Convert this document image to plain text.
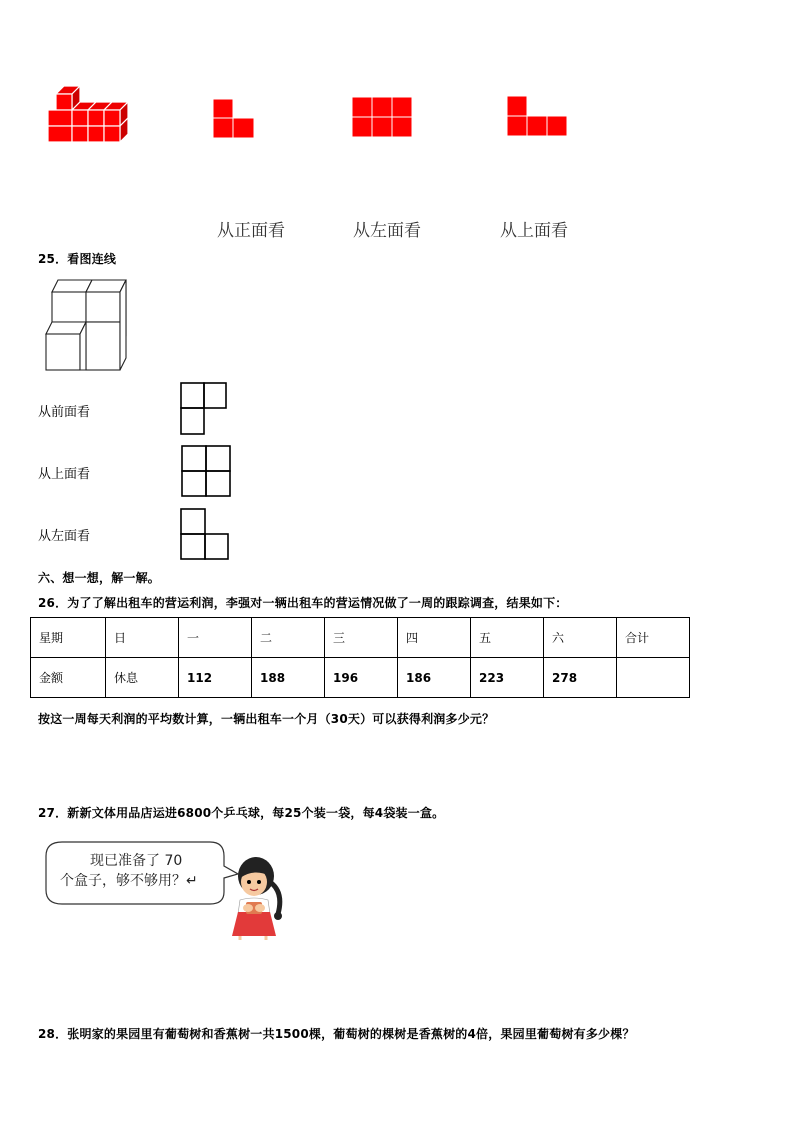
从正面看	从左面看	从上面看
25．看图连线
从前面看
从上面看
从左面看
六、想一想，解一解。
26．为了了解出租车的营运利润，李强对一辆出租车的营运情况做了一周的跟踪调查，结果如下：
星期	日	一	二	三	四	五	六	合计
金额	休息	112	188	196	186	223	278	
按这一周每天利润的平均数计算，一辆出租车一个月（30天）可以获得利润多少元？
27．新新文体用品店运进6800个乒乓球，每25个装一袋，每4袋装一盒。
现已准备了 70
个盒子，够不够用？↵
28．张明家的果园里有葡萄树和香蕉树一共1500棵，葡萄树的棵树是香蕉树的4倍，果园里葡萄树有多少棵？
